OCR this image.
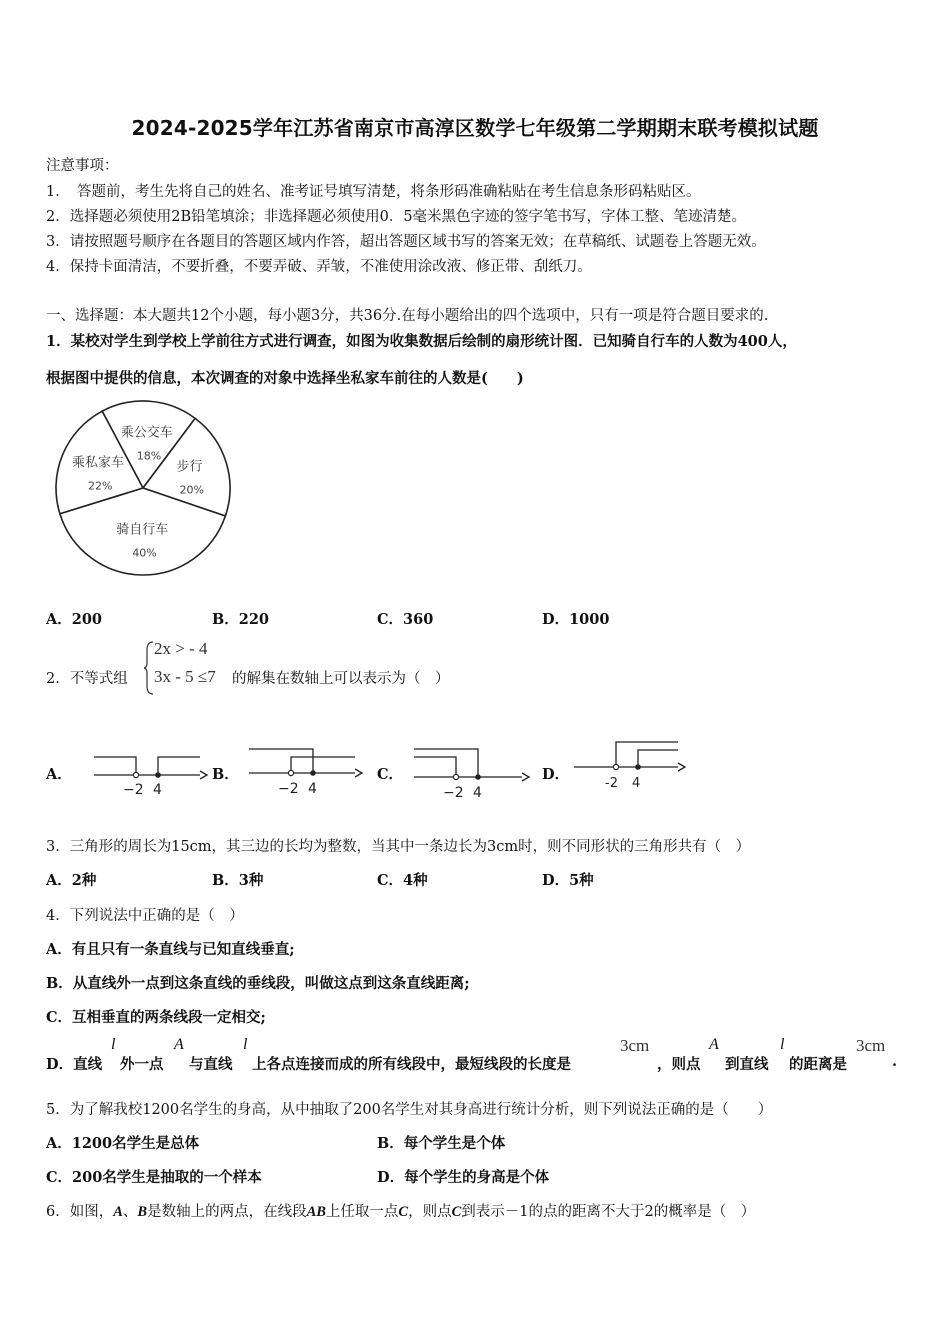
2024-2025学年江苏省南京市高淳区数学七年级第二学期期末联考模拟试题
注意事项：
1．　答题前，考生先将自己的姓名、准考证号填写清楚，将条形码准确粘贴在考生信息条形码粘贴区。
2．选择题必须使用2B铅笔填涂；非选择题必须使用0．5毫米黑色字迹的签字笔书写，字体工整、笔迹清楚。
3．请按照题号顺序在各题目的答题区域内作答，超出答题区域书写的答案无效；在草稿纸、试题卷上答题无效。
4．保持卡面清洁，不要折叠，不要弄破、弄皱，不准使用涂改液、修正带、刮纸刀。
一、选择题：本大题共12个小题，每小题3分，共36分.在每小题给出的四个选项中，只有一项是符合题目要求的.
1．某校对学生到学校上学前往方式进行调查，如图为收集数据后绘制的扇形统计图．已知骑自行车的人数为400人，
根据图中提供的信息，本次调查的对象中选择坐私家车前往的人数是(　　)
乘公交车
18%
步行
20%
骑自行车
40%
乘私家车
22%
A．200	B．220	C．360	D．1000
2．不等式组
2x > - 4
3x - 5 ≤7 的解集在数轴上可以表示为（　）
A．	B．	C．	D．
−2 4	−2 4	−2 4
-2 4
3．三角形的周长为15cm，其三边的长均为整数，当其中一条边长为3cm时，则不同形状的三角形共有（　）
A．2种	B．3种	C．4种	D．5种
4．下列说法中正确的是（　）
A．有且只有一条直线与已知直线垂直;
B．从直线外一点到这条直线的垂线段，叫做这点到这条直线距离;
C．互相垂直的两条线段一定相交;
D．直线
l
外一点
A
与直线
l
上各点连接而成的所有线段中，最短线段的长度是
3cm
，则点
A
到直线
l
的距离是
3cm
.
5．为了解我校1200名学生的身高，从中抽取了200名学生对其身高进行统计分析，则下列说法正确的是（　　）
A．1200名学生是总体	B．每个学生是个体
C．200名学生是抽取的一个样本	D．每个学生的身高是个体
6．如图，A、B是数轴上的两点，在线段AB上任取一点C，则点C到表示－1的点的距离不大于2的概率是（　）
